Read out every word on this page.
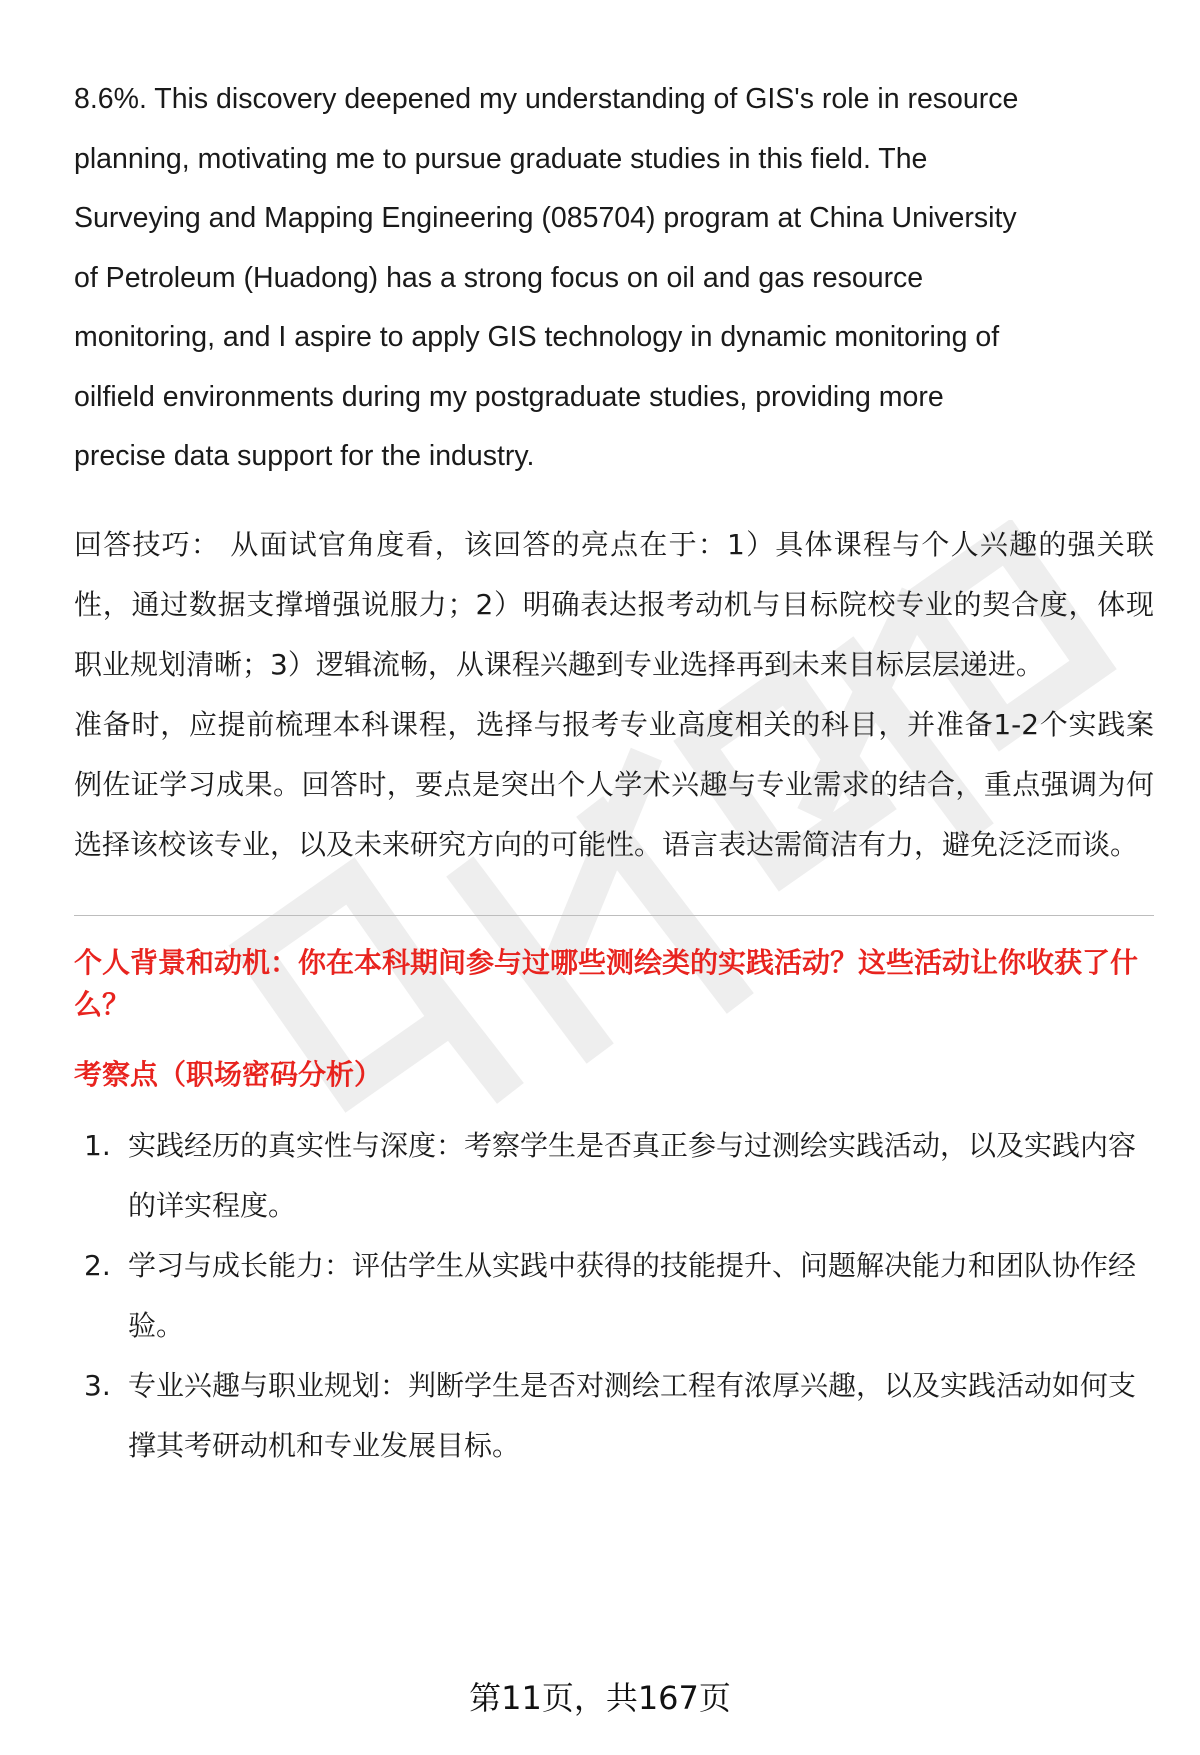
8.6%. This discovery deepened my understanding of GIS's role in resource

planning, motivating me to pursue graduate studies in this field. The

Surveying and Mapping Engineering (085704) program at China University

of Petroleum (Huadong) has a strong focus on oil and gas resource

monitoring, and I aspire to apply GIS technology in dynamic monitoring of

oilfield environments during my postgraduate studies, providing more

precise data support for the industry.

回答技巧： 从面试官角度看，该回答的亮点在于：1）具体课程与个人兴趣的强关联性，通过数据支撑增强说服力；2）明确表达报考动机与目标院校专业的契合度，体现职业规划清晰；3）逻辑流畅，从课程兴趣到专业选择再到未来目标层层递进。

准备时，应提前梳理本科课程，选择与报考专业高度相关的科目，并准备1-2个实践案例佐证学习成果。回答时，要点是突出个人学术兴趣与专业需求的结合，重点强调为何选择该校该专业，以及未来研究方向的可能性。语言表达需简洁有力，避免泛泛而谈。

个人背景和动机：你在本科期间参与过哪些测绘类的实践活动？这些活动让你收获了什么？

考察点（职场密码分析）

1. 实践经历的真实性与深度：考察学生是否真正参与过测绘实践活动，以及实践内容的详实程度。
2. 学习与成长能力：评估学生从实践中获得的技能提升、问题解决能力和团队协作经验。
3. 专业兴趣与职业规划：判断学生是否对测绘工程有浓厚兴趣，以及实践活动如何支撑其考研动机和专业发展目标。
第11页，共167页
